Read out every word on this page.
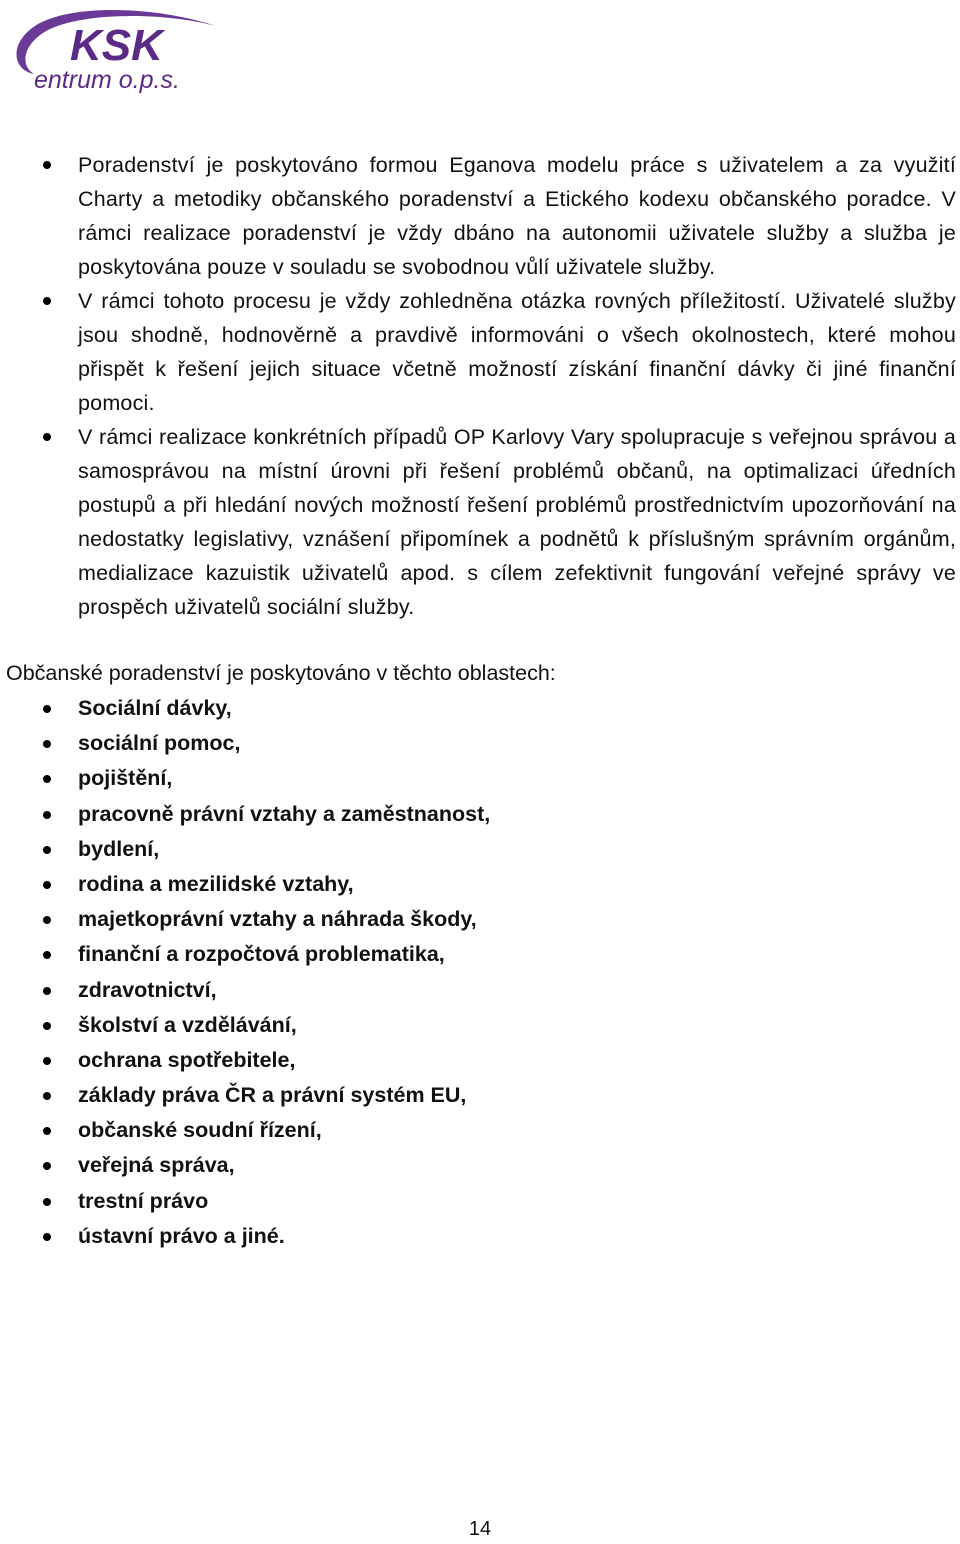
KSK
entrum o.p.s.
Poradenství je poskytováno formou Eganova modelu práce s uživatelem a za využití Charty a metodiky občanského poradenství a Etického kodexu občanského poradce. V rámci realizace poradenství je vždy dbáno na autonomii uživatele služby a služba je poskytována pouze v souladu se svobodnou vůlí uživatele služby.
V rámci tohoto procesu je vždy zohledněna otázka rovných příležitostí. Uživatelé služby jsou shodně, hodnověrně a pravdivě informováni o všech okolnostech, které mohou přispět k řešení jejich situace včetně možností získání finanční dávky či jiné finanční pomoci.
V rámci realizace konkrétních případů OP Karlovy Vary spolupracuje s veřejnou správou a samosprávou na místní úrovni při řešení problémů občanů, na optimalizaci úředních postupů a při hledání nových možností řešení problémů prostřednictvím upozorňování na nedostatky legislativy, vznášení připomínek a podnětů k příslušným správním orgánům, medializace kazuistik uživatelů apod. s cílem zefektivnit fungování veřejné správy ve prospěch uživatelů sociální služby.

Občanské poradenství je poskytováno v těchto oblastech:

Sociální dávky,
sociální pomoc,
pojištění,
pracovně právní vztahy a zaměstnanost,
bydlení,
rodina a mezilidské vztahy,
majetkoprávní vztahy a náhrada škody,
finanční a rozpočtová problematika,
zdravotnictví,
školství a vzdělávání,
ochrana spotřebitele,
základy práva ČR a právní systém EU,
občanské soudní řízení,
veřejná správa,
trestní právo
ústavní právo a jiné.
14
